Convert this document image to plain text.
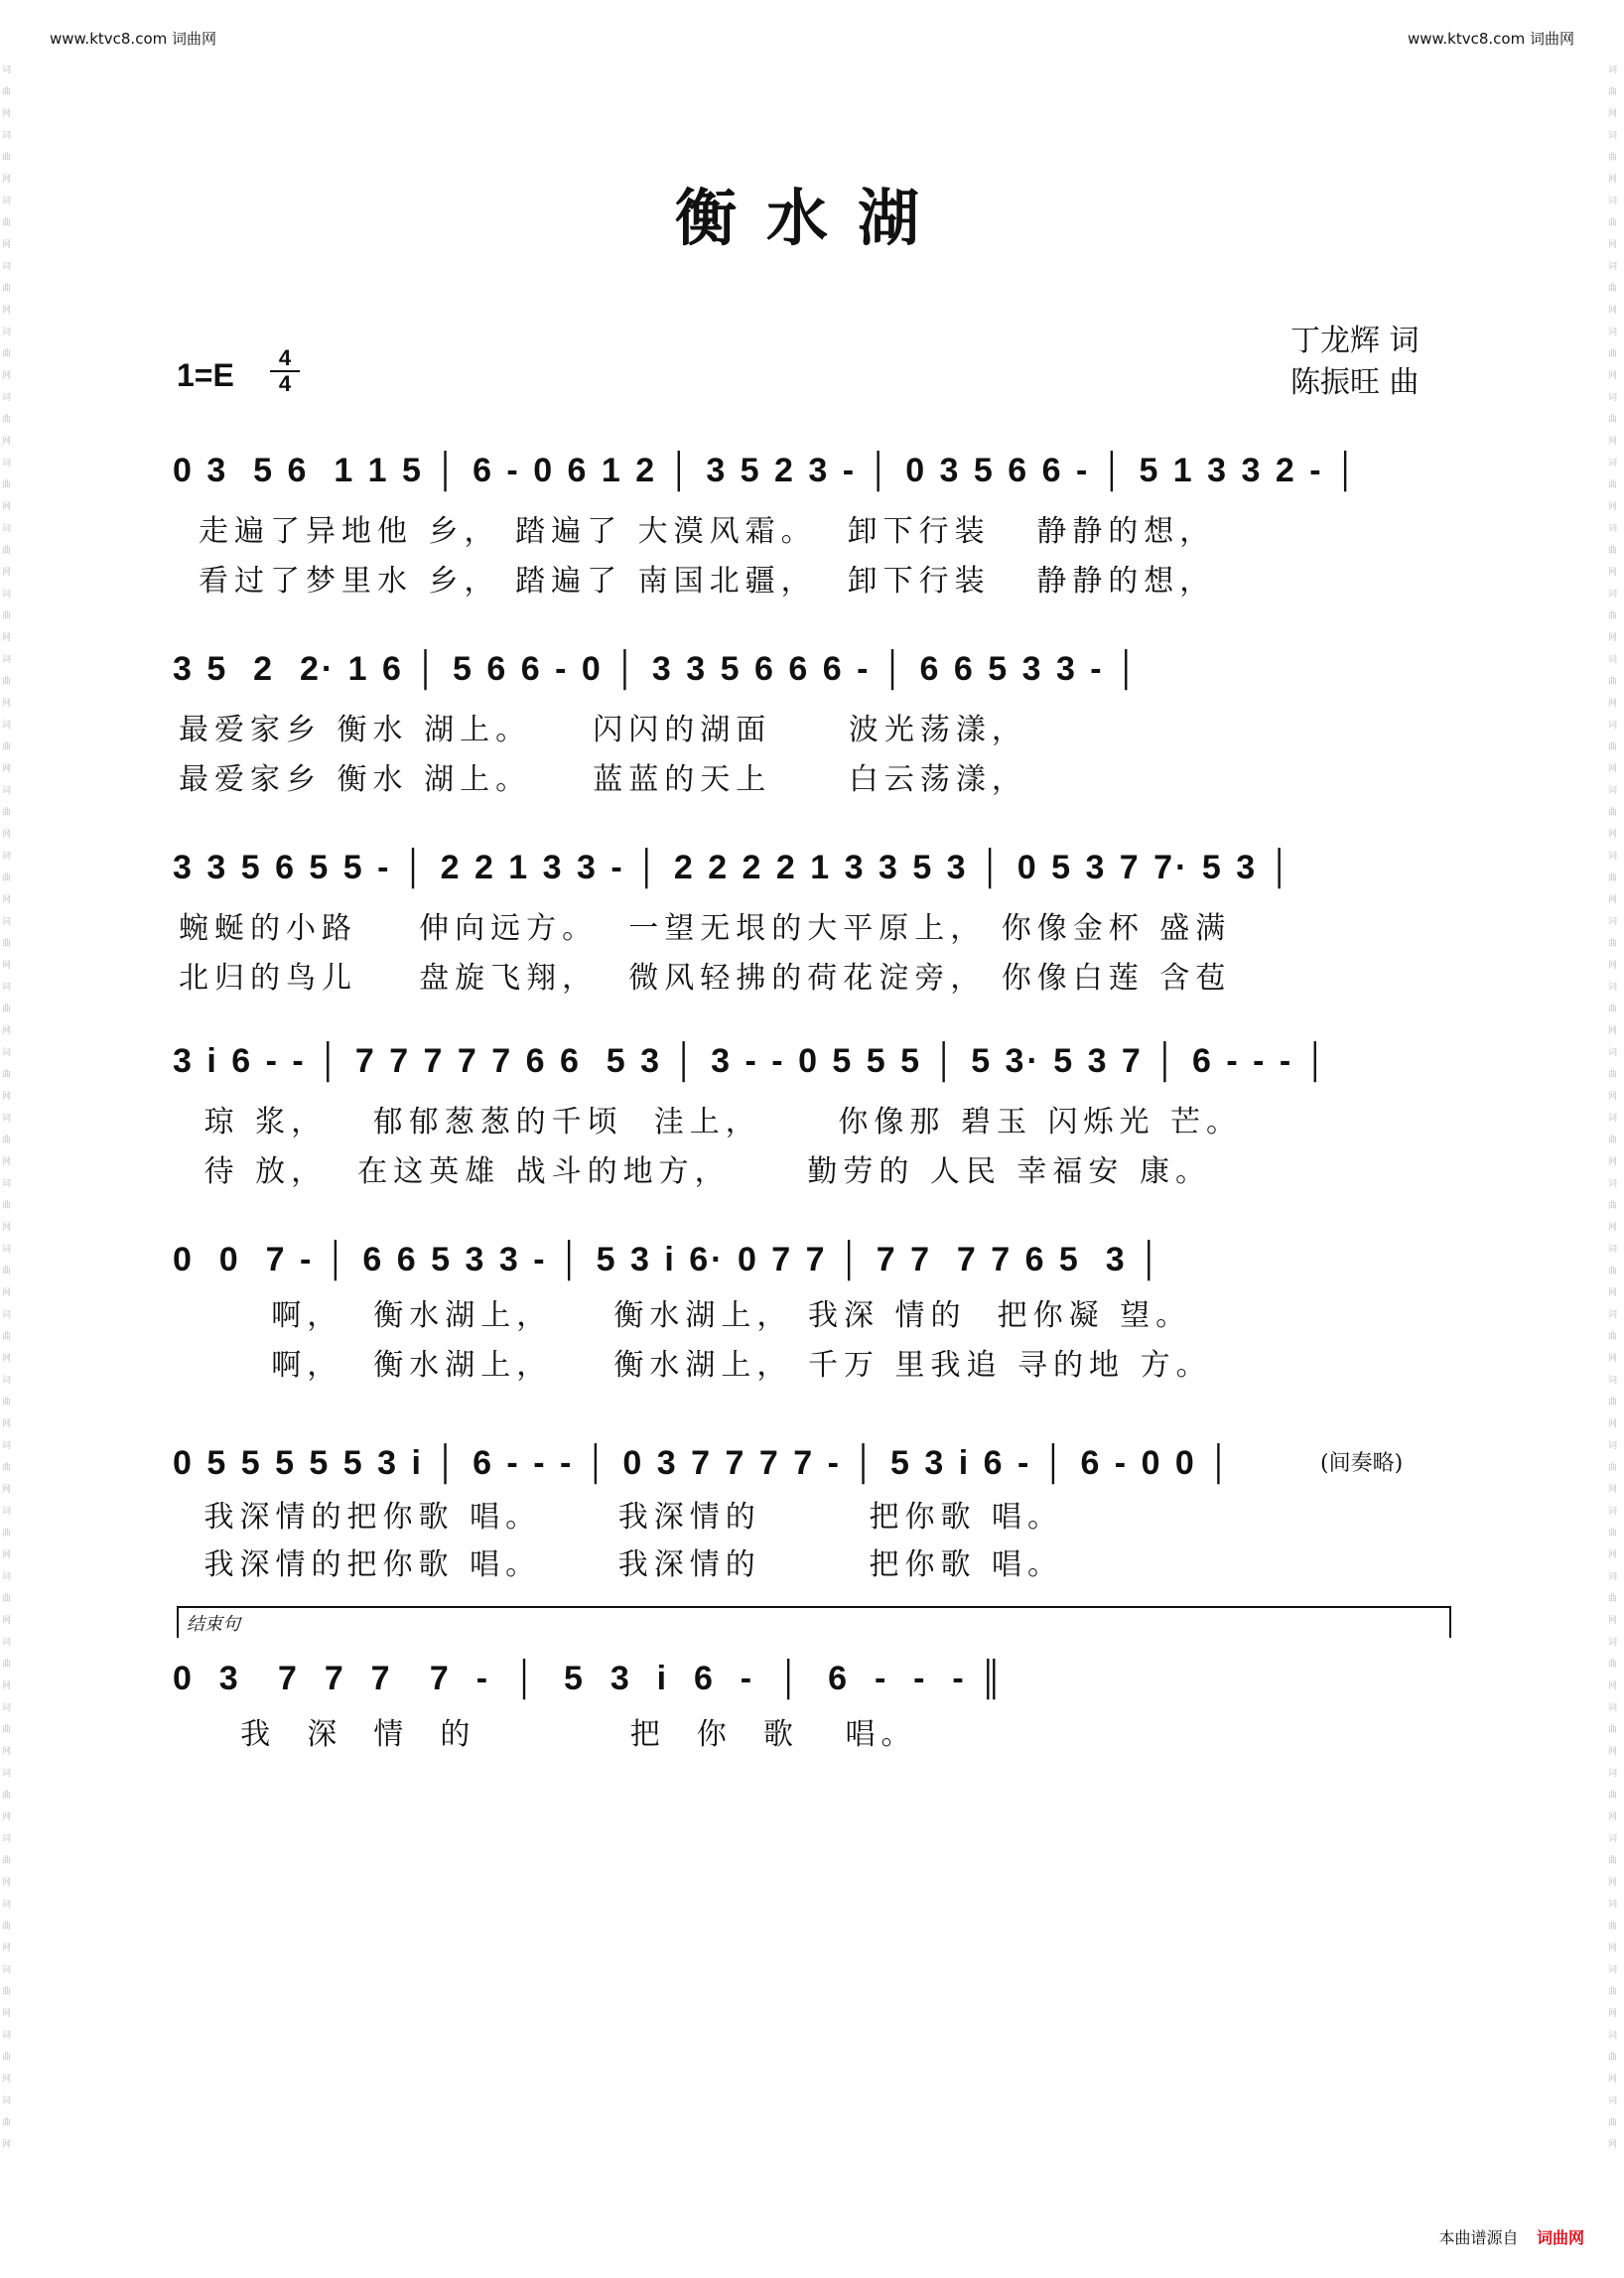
www.ktvc8.com 词曲网	www.ktvc8.com 词曲网
词曲网词曲网词曲网词曲网词曲网词曲网词曲网词曲网词曲网词曲网词曲网词曲网词曲网词曲网词曲网词曲网词曲网词曲网词曲网词曲网词曲网词曲网词曲网词曲网词曲网词曲网词曲网词曲网词曲网词曲网词曲网词曲网
词曲网词曲网词曲网词曲网词曲网词曲网词曲网词曲网词曲网词曲网词曲网词曲网词曲网词曲网词曲网词曲网词曲网词曲网词曲网词曲网词曲网词曲网词曲网词曲网词曲网词曲网词曲网词曲网词曲网词曲网词曲网词曲网
衡水湖
丁龙辉 词
陈振旺 曲
1=E	4
4
0 3  5 6  1 1 5 │ 6 - 0 6 1 2 │ 3 5 2 3 - │ 0 3 5 6 6 - │ 5 1 3 3 2 - │
走遍了异地他 乡， 踏遍了 大漠风霜。  卸下行装   静静的想，
看过了梦里水 乡， 踏遍了 南国北疆，  卸下行装   静静的想，
3 5  2  2· 1 6 │ 5 6 6 - 0 │ 3 3 5 6 6 6 - │ 6 6 5 3 3 - │
最爱家乡 衡水 湖上。    闪闪的湖面     波光荡漾，
最爱家乡 衡水 湖上。    蓝蓝的天上     白云荡漾，
3 3 5 6 5 5 - │ 2 2 1 3 3 - │ 2 2 2 2 1 3 3 5 3 │ 0 5 3 7 7· 5 3 │
蜿蜒的小路    伸向远方。  一望无垠的大平原上， 你像金杯 盛满
北归的鸟儿    盘旋飞翔，  微风轻拂的荷花淀旁， 你像白莲 含苞
3 i 6 - - │ 7 7 7 7 7 6 6  5 3 │ 3 - - 0 5 5 5 │ 5 3· 5 3 7 │ 6 - - - │
琼 浆，   郁郁葱葱的千顷  洼上，     你像那 碧玉 闪烁光 芒。
待 放，  在这英雄 战斗的地方，     勤劳的 人民 幸福安 康。
0  0  7 - │ 6 6 5 3 3 - │ 5 3 i 6· 0 7 7 │ 7 7  7 7 6 5  3 │
啊，  衡水湖上，    衡水湖上， 我深 情的  把你凝 望。
啊，  衡水湖上，    衡水湖上， 千万 里我追 寻的地 方。
0 5 5 5 5 5 3 i │ 6 - - - │ 0 3 7 7 7 7 - │ 5 3 i 6 - │ 6 - 0 0 │	(间奏略)
我深情的把你歌 唱。     我深情的       把你歌 唱。
我深情的把你歌 唱。     我深情的       把你歌 唱。
结束句
0  3   7  7  7   7  -  │  5  3  i  6  -  │  6  -  -  - ║
我  深  情  的          把  你  歌   唱。
本曲谱源自 词曲网
